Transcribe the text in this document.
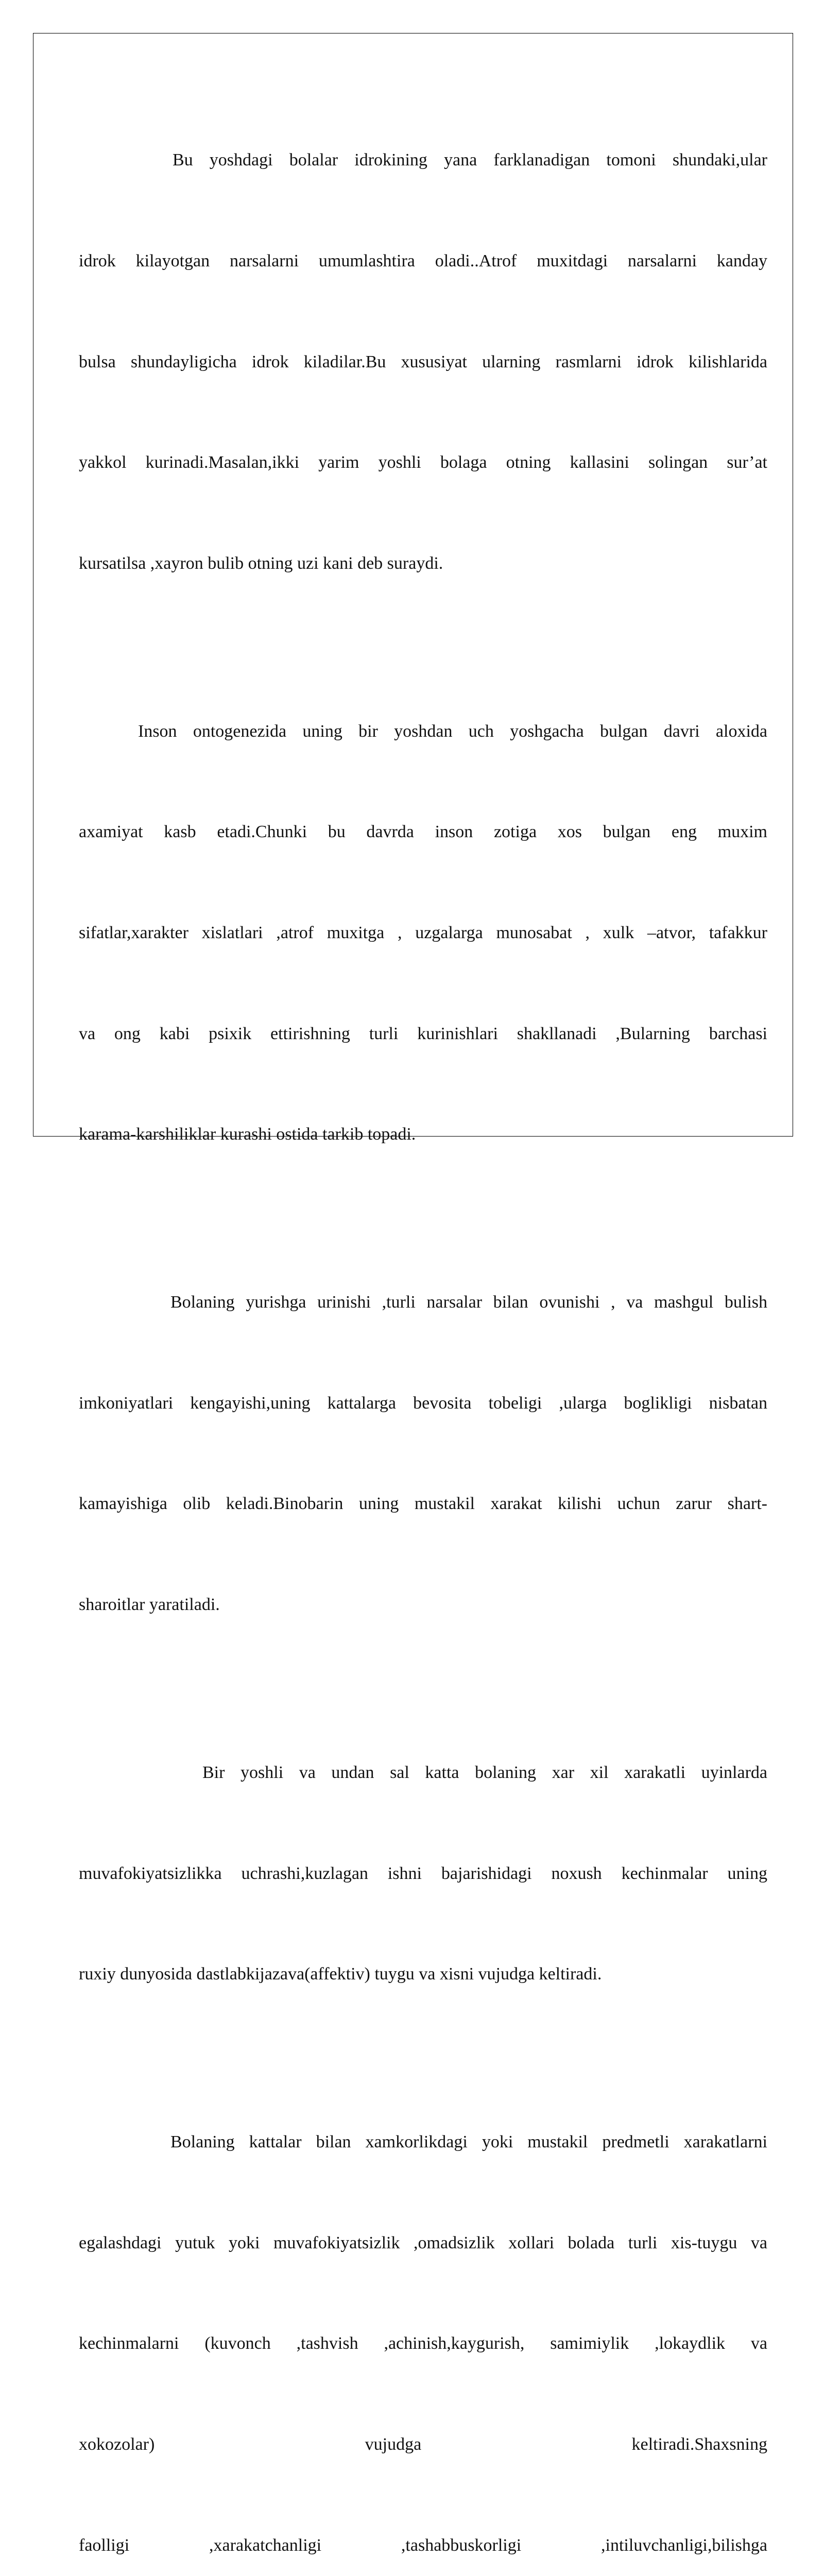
Bu yoshdagi bolalar idrokining yana farklanadigan tomoni shundaki,ular

idrok kilayotgan narsalarni umumlashtira oladi..Atrof muxitdagi narsalarni kanday

bulsa shundayligicha idrok kiladilar.Bu xususiyat ularning rasmlarni idrok kilishlarida

yakkol kurinadi.Masalan,ikki yarim yoshli bolaga otning kallasini solingan sur’at

kursatilsa ,xayron bulib otning uzi kani deb suraydi.

Inson ontogenezida uning bir yoshdan uch yoshgacha bulgan davri aloxida

axamiyat kasb etadi.Chunki bu davrda inson zotiga xos bulgan eng muxim

sifatlar,xarakter xislatlari ,atrof muxitga , uzgalarga munosabat , xulk –atvor, tafakkur

va ong kabi psixik ettirishning turli kurinishlari shakllanadi ,Bularning barchasi

karama-karshiliklar kurashi ostida tarkib topadi.

Bolaning yurishga urinishi ,turli narsalar bilan ovunishi , va mashgul bulish

imkoniyatlari kengayishi,uning kattalarga bevosita tobeligi ,ularga boglikligi nisbatan

kamayishiga olib keladi.Binobarin uning mustakil xarakat kilishi uchun zarur shart-

sharoitlar yaratiladi.

Bir yoshli va undan sal katta bolaning xar xil xarakatli uyinlarda

muvafokiyatsizlikka uchrashi,kuzlagan ishni bajarishidagi noxush kechinmalar uning

ruxiy dunyosida dastlabkijazava(affektiv) tuygu va xisni vujudga keltiradi.

Bolaning kattalar bilan xamkorlikdagi yoki mustakil predmetli xarakatlarni

egalashdagi yutuk yoki muvafokiyatsizlik ,omadsizlik xollari bolada turli xis-tuygu va

kechinmalarni (kuvonch ,tashvish ,achinish,kaygurish, samimiylik ,lokaydlik va

xokozolar) vujudga keltiradi.Shaxsning

faolligi ,xarakatchanligi ,tashabbuskorligi ,intiluvchanligi,bilishga
